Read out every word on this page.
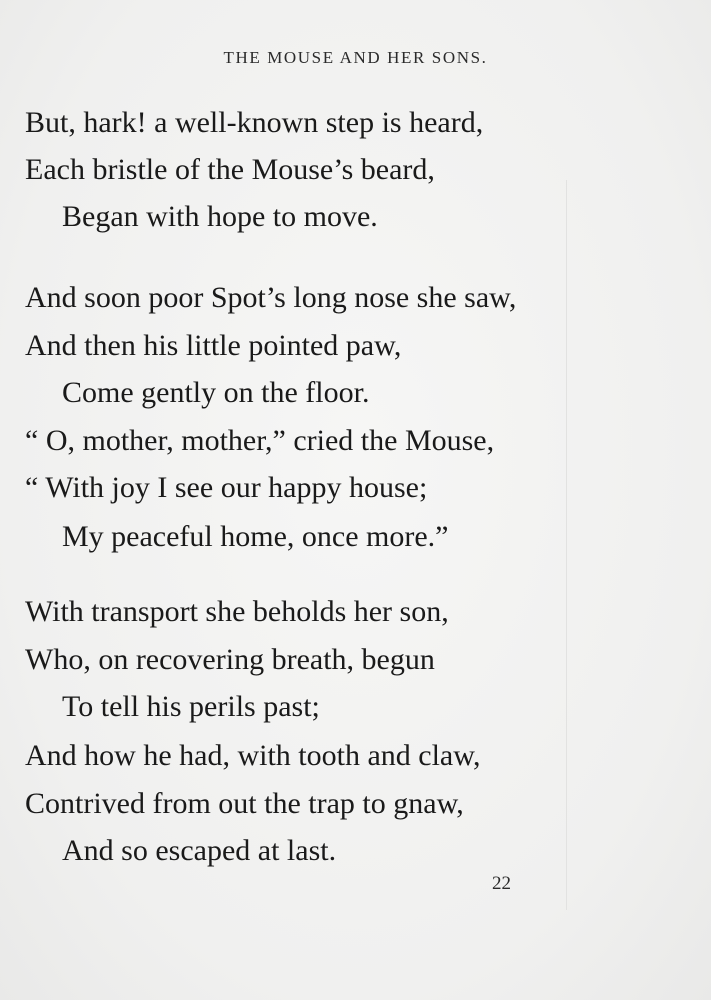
THE MOUSE AND HER SONS.
But, hark! a well-known step is heard,
Each bristle of the Mouse’s beard,
Began with hope to move.
And soon poor Spot’s long nose she saw,
And then his little pointed paw,
Come gently on the floor.
“ O, mother, mother,” cried the Mouse,
“ With joy I see our happy house;
My peaceful home, once more.”
With transport she beholds her son,
Who, on recovering breath, begun
To tell his perils past;
And how he had, with tooth and claw,
Contrived from out the trap to gnaw,
And so escaped at last.
22
